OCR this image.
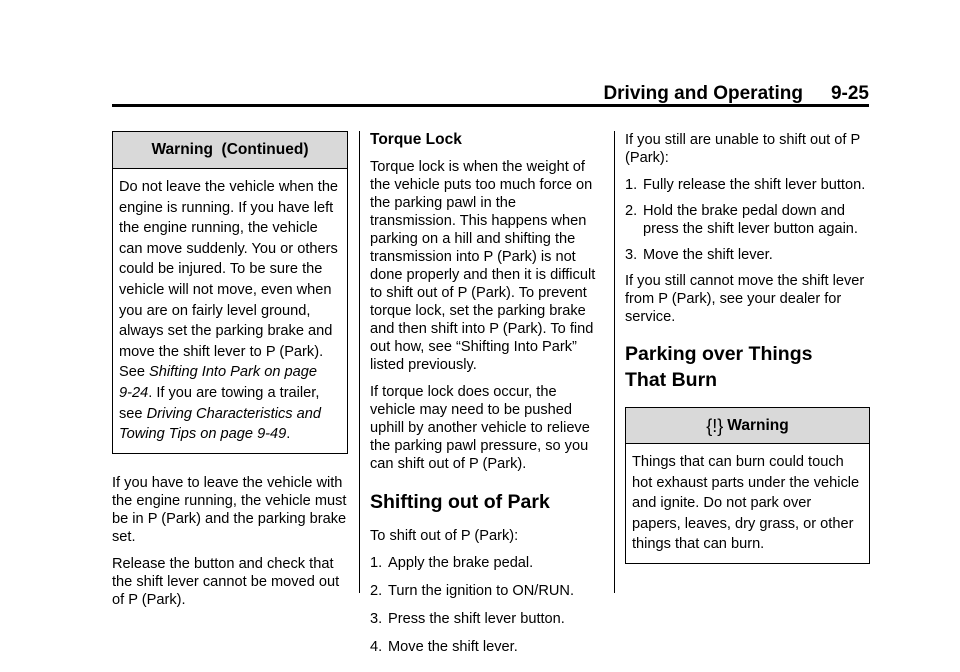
Driving and Operating 9-25
Warning  (Continued)
Do not leave the vehicle when the engine is running. If you have left the engine running, the vehicle can move suddenly. You or others could be injured. To be sure the vehicle will not move, even when you are on fairly level ground, always set the parking brake and move the shift lever to P (Park). See Shifting Into Park on page 9‑24. If you are towing a trailer, see Driving Characteristics and Towing Tips on page 9‑49.

If you have to leave the vehicle with the engine running, the vehicle must be in P (Park) and the parking brake set.

Release the button and check that the shift lever cannot be moved out of P (Park).

Torque Lock

Torque lock is when the weight of the vehicle puts too much force on the parking pawl in the transmission. This happens when parking on a hill and shifting the transmission into P (Park) is not done properly and then it is difficult to shift out of P (Park). To prevent torque lock, set the parking brake and then shift into P (Park). To find out how, see “Shifting Into Park” listed previously.

If torque lock does occur, the vehicle may need to be pushed uphill by another vehicle to relieve the parking pawl pressure, so you can shift out of P (Park).

Shifting out of Park

To shift out of P (Park):

1. Apply the brake pedal.
2. Turn the ignition to ON/RUN.
3. Press the shift lever button.
4. Move the shift lever.

If you still are unable to shift out of P (Park):

1. Fully release the shift lever button.
2. Hold the brake pedal down and press the shift lever button again.
3. Move the shift lever.

If you still cannot move the shift lever from P (Park), see your dealer for service.

Parking over Things
That Burn
{!} Warning
Things that can burn could touch hot exhaust parts under the vehicle and ignite. Do not park over papers, leaves, dry grass, or other things that can burn.
